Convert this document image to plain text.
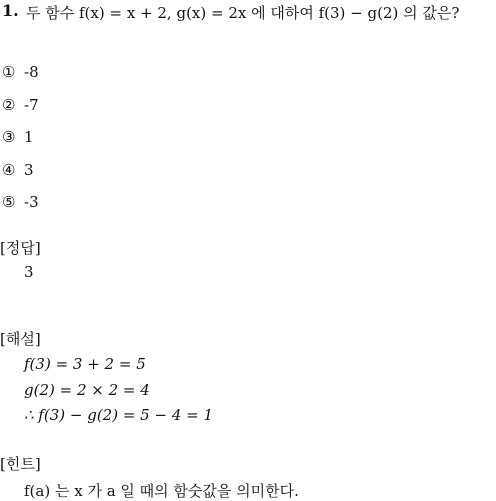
1. 두 함수 f(x) = x + 2, g(x) = 2x 에 대하여 f(3) − g(2) 의 값은?
① -8
② -7
③ 1
④ 3
⑤ -3
[정답]
3
[해설]
f(3) = 3 + 2 = 5
g(2) = 2 × 2 = 4
∴ f(3) − g(2) = 5 − 4 = 1
[힌트]
f(a) 는 x 가 a 일 때의 함숫값을 의미한다.
